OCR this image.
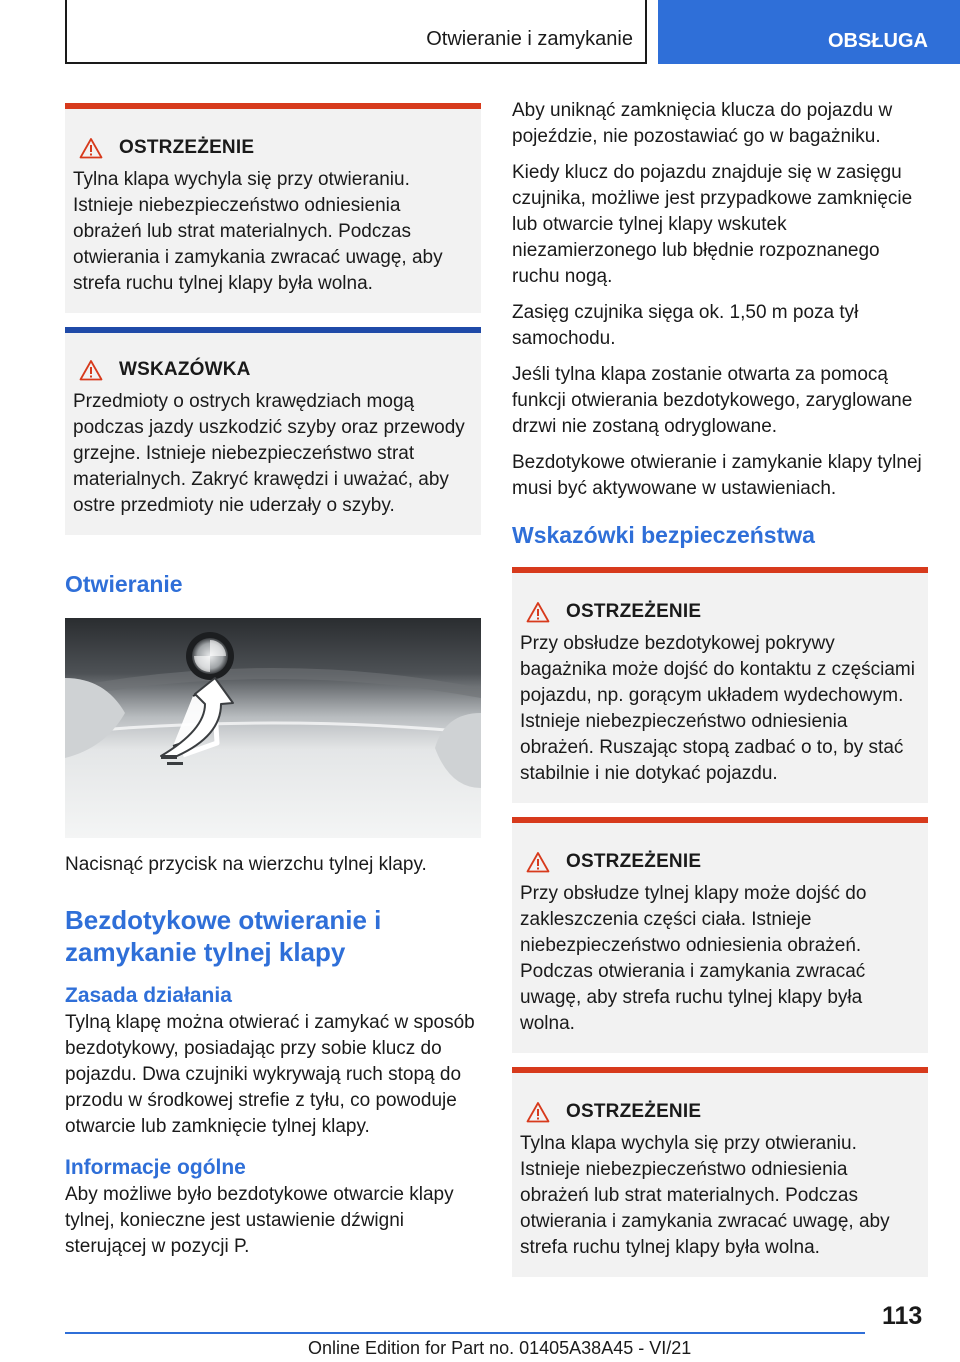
Otwieranie i zamykanie	OBSŁUGA
OSTRZEŻENIE
Tylna klapa wychyla się przy otwieraniu. Istnieje niebezpieczeństwo odniesienia obrażeń lub strat materialnych. Podczas otwierania i zamykania zwracać uwagę, aby strefa ruchu tylnej klapy była wolna.
WSKAZÓWKA
Przedmioty o ostrych krawędziach mogą podczas jazdy uszkodzić szyby oraz przewody grzejne. Istnieje niebezpieczeństwo strat materialnych. Zakryć krawędzi i uważać, aby ostre przedmioty nie uderzały o szyby.
Otwieranie

Nacisnąć przycisk na wierzchu tylnej klapy.

Bezdotykowe otwieranie i zamykanie tylnej klapy
Zasada działania

Tylną klapę można otwierać i zamykać w sposób bezdotykowy, posiadając przy sobie klucz do pojazdu. Dwa czujniki wykrywają ruch stopą do przodu w środkowej strefie z tyłu, co powoduje otwarcie lub zamknięcie tylnej klapy.

Informacje ogólne

Aby możliwe było bezdotykowe otwarcie klapy tylnej, konieczne jest ustawienie dźwigni sterującej w pozycji P.

Aby uniknąć zamknięcia klucza do pojazdu w pojeździe, nie pozostawiać go w bagażniku.

Kiedy klucz do pojazdu znajduje się w zasięgu czujnika, możliwe jest przypadkowe zamknięcie lub otwarcie tylnej klapy wskutek niezamierzonego lub błędnie rozpoznanego ruchu nogą.

Zasięg czujnika sięga ok. 1,50 m poza tył samochodu.

Jeśli tylna klapa zostanie otwarta za pomocą funkcji otwierania bezdotykowego, zaryglowane drzwi nie zostaną odryglowane.

Bezdotykowe otwieranie i zamykanie klapy tylnej musi być aktywowane w ustawieniach.

Wskazówki bezpieczeństwa
OSTRZEŻENIE
Przy obsłudze bezdotykowej pokrywy bagażnika może dojść do kontaktu z częściami pojazdu, np. gorącym układem wydechowym. Istnieje niebezpieczeństwo odniesienia obrażeń. Ruszając stopą zadbać o to, by stać stabilnie i nie dotykać pojazdu.
OSTRZEŻENIE
Przy obsłudze tylnej klapy może dojść do zakleszczenia części ciała. Istnieje niebezpieczeństwo odniesienia obrażeń. Podczas otwierania i zamykania zwracać uwagę, aby strefa ruchu tylnej klapy była wolna.
OSTRZEŻENIE
Tylna klapa wychyla się przy otwieraniu. Istnieje niebezpieczeństwo odniesienia obrażeń lub strat materialnych. Podczas otwierania i zamykania zwracać uwagę, aby strefa ruchu tylnej klapy była wolna.
113
Online Edition for Part no. 01405A38A45 - VI/21
